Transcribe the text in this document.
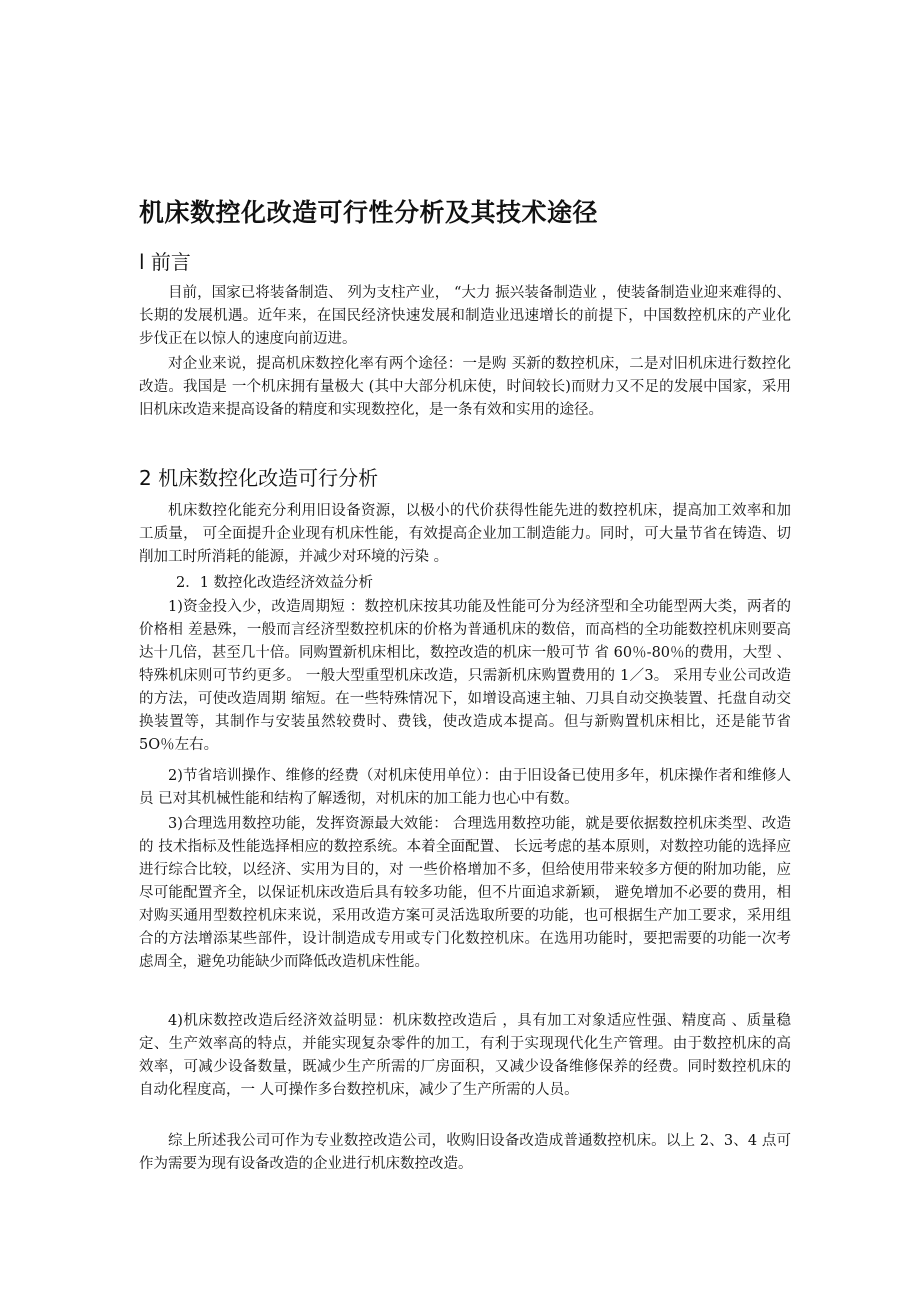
机床数控化改造可行性分析及其技术途径
l 前言

目前，国家已将装备制造、 列为支柱产业， “大力 振兴装备制造业 ，使装备制造业迎来难得的、长期的发展机遇。近年来，在国民经济快速发展和制造业迅速增长的前提下，中国数控机床的产业化步伐正在以惊人的速度向前迈进。

对企业来说，提高机床数控化率有两个途径：一是购 买新的数控机床，二是对旧机床进行数控化改造。我国是 一个机床拥有量极大 (其中大部分机床使，时间较长)而财力又不足的发展中国家，采用旧机床改造来提高设备的精度和实现数控化，是一条有效和实用的途径。

2 机床数控化改造可行分析

机床数控化能充分利用旧设备资源，以极小的代价获得性能先进的数控机床，提高加工效率和加工质量， 可全面提升企业现有机床性能，有效提高企业加工制造能力。同时，可大量节省在铸造、切削加工时所消耗的能源，并减少对环境的污染 。

2．1 数控化改造经济效益分析

1)资金投入少，改造周期短 ：数控机床按其功能及性能可分为经济型和全功能型两大类，两者的价格相 差悬殊，一般而言经济型数控机床的价格为普通机床的数倍，而高档的全功能数控机床则要高达十几倍，甚至几十倍。同购置新机床相比，数控改造的机床一般可节 省 60％-80％的费用，大型 、特殊机床则可节约更多。 一般大型重型机床改造，只需新机床购置费用的 1／3。 采用专业公司改造的方法，可使改造周期 缩短。在一些特殊情况下，如增设高速主轴、刀具自动交换装置、托盘自动交换装置等，其制作与安装虽然较费时、费钱，使改造成本提高。但与新购置机床相比，还是能节省 5O％左右。

2)节省培训操作、维修的经费（对机床使用单位）：由于旧设备已使用多年，机床操作者和维修人员 已对其机械性能和结构了解透彻，对机床的加工能力也心中有数。

3)合理选用数控功能，发挥资源最大效能： 合理选用数控功能，就是要依据数控机床类型、改造的 技术指标及性能选择相应的数控系统。本着全面配置、 长远考虑的基本原则，对数控功能的选择应进行综合比较，以经济、实用为目的，对 一些价格增加不多，但给使用带来较多方便的附加功能，应尽可能配置齐全，以保证机床改造后具有较多功能，但不片面追求新颖， 避免增加不必要的费用，相对购买通用型数控机床来说，采用改造方案可灵活选取所要的功能，也可根据生产加工要求，采用组合的方法增添某些部件，设计制造成专用或专门化数控机床。在选用功能时，要把需要的功能一次考虑周全，避免功能缺少而降低改造机床性能。

4)机床数控改造后经济效益明显：机床数控改造后 ，具有加工对象适应性强、精度高 、质量稳定、生产效率高的特点，并能实现复杂零件的加工，有利于实现现代化生产管理。由于数控机床的高效率，可减少设备数量，既减少生产所需的厂房面积，又减少设备维修保养的经费。同时数控机床的自动化程度高，一 人可操作多台数控机床，减少了生产所需的人员。

综上所述我公司可作为专业数控改造公司，收购旧设备改造成普通数控机床。以上 2、3、4 点可作为需要为现有设备改造的企业进行机床数控改造。
